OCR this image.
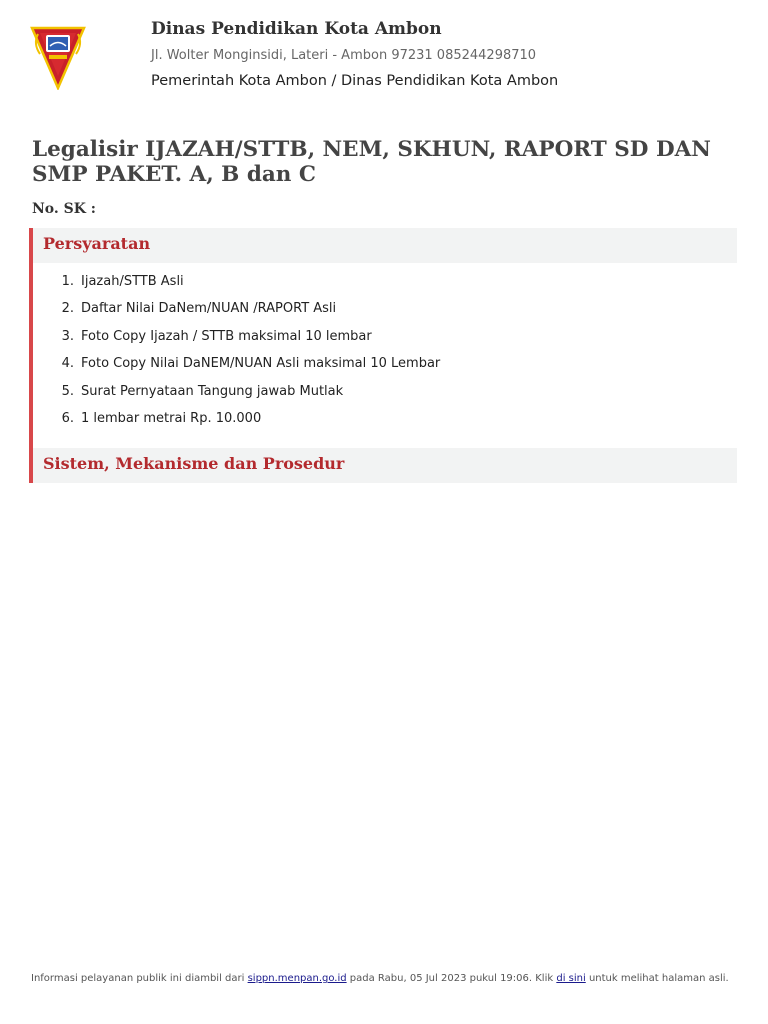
Dinas Pendidikan Kota Ambon
Jl. Wolter Monginsidi, Lateri - Ambon 97231 085244298710
Pemerintah Kota Ambon / Dinas Pendidikan Kota Ambon
Legalisir IJAZAH/STTB, NEM, SKHUN, RAPORT SD DAN SMP PAKET. A, B dan C
No. SK :
Persyaratan
1. Ijazah/STTB Asli
2. Daftar Nilai DaNem/NUAN /RAPORT Asli
3. Foto Copy Ijazah / STTB maksimal 10 lembar
4. Foto Copy Nilai DaNEM/NUAN Asli maksimal 10 Lembar
5. Surat Pernyataan Tangung jawab Mutlak
6. 1 lembar metrai Rp. 10.000
Sistem, Mekanisme dan Prosedur
Informasi pelayanan publik ini diambil dari sippn.menpan.go.id pada Rabu, 05 Jul 2023 pukul 19:06. Klik di sini untuk melihat halaman asli.
